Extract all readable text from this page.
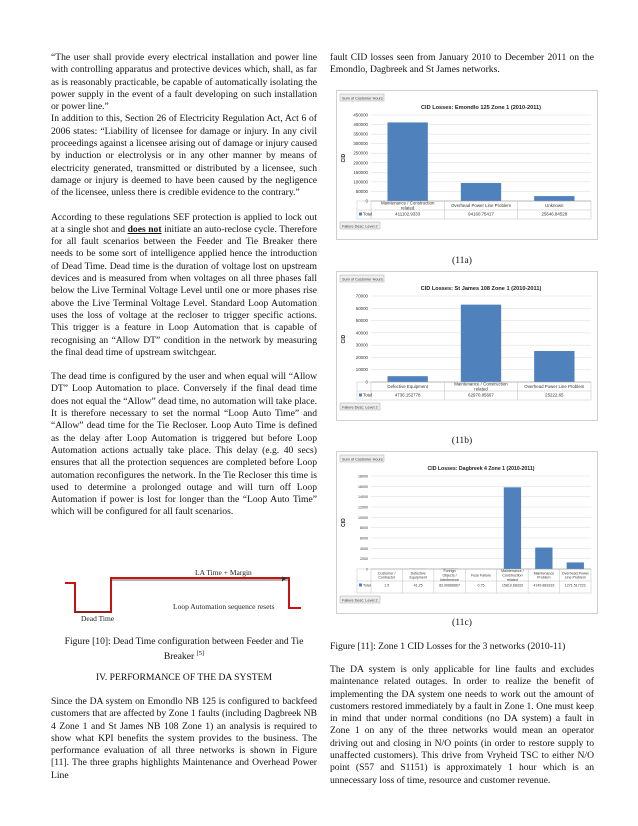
“The user shall provide every electrical installation and power line with controlling apparatus and protective devices which, shall, as far as is reasonably practicable, be capable of automatically isolating the power supply in the event of a fault developing on such installation or power line.”

In addition to this, Section 26 of Electricity Regulation Act, Act 6 of 2006 states: “Liability of licensee for damage or injury. In any civil proceedings against a licensee arising out of damage or injury caused by induction or electrolysis or in any other manner by means of electricity generated, transmitted or distributed by a licensee, such damage or injury is deemed to have been caused by the negligence of the licensee, unless there is credible evidence to the contrary.”

According to these regulations SEF protection is applied to lock out at a single shot and does not initiate an auto-reclose cycle. Therefore for all fault scenarios between the Feeder and Tie Breaker there needs to be some sort of intelligence applied hence the introduction of Dead Time. Dead time is the duration of voltage lost on upstream devices and is measured from when voltages on all three phases fall below the Live Terminal Voltage Level until one or more phases rise above the Live Terminal Voltage Level. Standard Loop Automation uses the loss of voltage at the recloser to trigger specific actions. This trigger is a feature in Loop Automation that is capable of recognising an “Allow DT” condition in the network by measuring the final dead time of upstream switchgear.

The dead time is configured by the user and when equal will “Allow DT” Loop Automation to place. Conversely if the final dead time does not equal the “Allow” dead time, no automation will take place. It is therefore necessary to set the normal “Loop Auto Time” and “Allow” dead time for the Tie Recloser. Loop Auto Time is defined as the delay after Loop Automation is triggered but before Loop Automation actions actually take place. This delay (e.g. 40 secs) ensures that all the protection sequences are completed before Loop automation reconfigures the network. In the Tie Recloser this time is used to determine a prolonged outage and will turn off Loop Automation if power is lost for longer than the “Loop Auto Time” which will be configured for all fault scenarios.

LA Time + Margin
Dead Time
Loop Automation sequence resets
Figure [10]: Dead Time configuration between Feeder and Tie Breaker [5]
IV. PERFORMANCE OF THE DA SYSTEM
Since the DA system on Emondlo NB 125 is configured to backfeed customers that are affected by Zone 1 faults (including Dagbreek NB 4 Zone 1 and St James NB 108 Zone 1) an analysis is required to show what KPI benefits the system provides to the business. The performance evaluation of all three networks is shown in Figure [11]. The three graphs highlights Maintenance and Overhead Power Line
fault CID losses seen from January 2010 to December 2011 on the Emondlo, Dagbreek and St James networks.
Sum of Customer Hours
CID Losses: Emondlo 125 Zone 1 (2010-2011)
CID
0
50000
100000
150000
200000
250000
300000
350000
400000
450000
Total
Maintenance / Construction
related
411102.9333
Overhead Power Line Problem
94160.75417
Unknown
25646.84528
Failure Desc: Level 2
(11a)
Sum of Customer Hours
CID Losses: St James 108 Zone 1 (2010-2011)
CID
0
10000
20000
30000
40000
50000
60000
70000
Total
Defective Equipment
4736.152778
Maintenance / Construction
related
62970.85667
Overhead Power Line Problem
25222.65
Failure Desc: Level 2
(11b)
Sum of Customer Hours
CID Losses: Dagbreek 4 Zone 1 (2010-2011)
CID
0
2000
4000
6000
8000
10000
12000
14000
16000
18000
Total
Customer /
Contractor
1.5
Defective
Equipment
41.25
Foreign
Objects /
Interference
83.90666667
Fuse Failure
0.75
Maintenance /
Construction
related
15810.68333
Maintenance
Problem
4149.883333
Overhead Power
Line Problem
1271.517222
Failure Desc: Level 2
(11c)
Figure [11]: Zone 1 CID Losses for the 3 networks (2010-11)
The DA system is only applicable for line faults and excludes maintenance related outages. In order to realize the benefit of implementing the DA system one needs to work out the amount of customers restored immediately by a fault in Zone 1. One must keep in mind that under normal conditions (no DA system) a fault in Zone 1 on any of the three networks would mean an operator driving out and closing in N/O points (in order to restore supply to unaffected customers). This drive from Vryheid TSC to either N/O point (S57 and S1151) is approximately 1 hour which is an unnecessary loss of time, resource and customer revenue.
